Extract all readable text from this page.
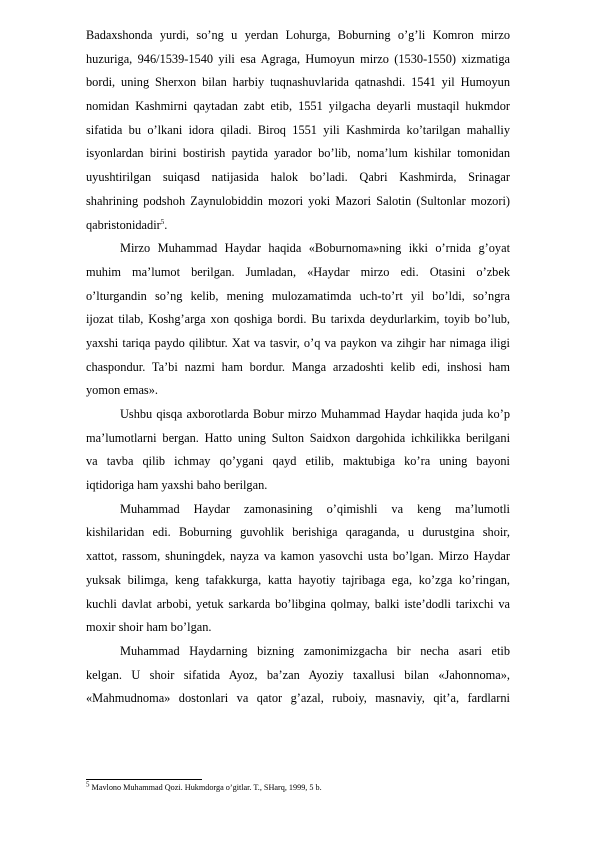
Badaxshonda yurdi, so’ng u yerdan Lohurga, Boburning o’g’li Komron mirzo
huzuriga, 946/1539-1540 yili esa Agraga, Humoyun mirzo (1530-1550) xizmatiga
bordi, uning Sherxon bilan harbiy tuqnashuvlarida qatnashdi. 1541 yil Humoyun
nomidan Kashmirni qaytadan zabt etib, 1551 yilgacha deyarli mustaqil hukmdor
sifatida bu o’lkani idora qiladi. Biroq 1551 yili Kashmirda ko’tarilgan mahalliy
isyonlardan birini bostirish paytida yarador bo’lib, noma’lum kishilar tomonidan
uyushtirilgan suiqasd natijasida halok bo’ladi. Qabri Kashmirda, Srinagar
shahrining podshoh Zaynulobiddin mozori yoki Mazori Salotin (Sultonlar mozori)
qabristonidadir$^5$.
Mirzo Muhammad Haydar haqida «Boburnoma»ning ikki o’rnida g’oyat
muhim ma’lumot berilgan. Jumladan, «Haydar mirzo edi. Otasini o’zbek
o’lturgandin so’ng kelib, mening mulozamatimda uch-to’rt yil bo’ldi, so’ngra
ijozat tilab, Koshg’arga xon qoshiga bordi. Bu tarixda deydurlarkim, toyib bo’lub,
yaxshi tariqa paydo qilibtur. Xat va tasvir, o’q va paykon va zihgir har nimaga iligi
chaspondur. Ta’bi nazmi ham bordur. Manga arzadoshti kelib edi, inshosi ham
yomon emas».
Ushbu qisqa axborotlarda Bobur mirzo Muhammad Haydar haqida juda ko’p
ma’lumotlarni bergan. Hatto uning Sulton Saidxon dargohida ichkilikka berilgani
va tavba qilib ichmay qo’ygani qayd etilib, maktubiga ko’ra uning bayoni
iqtidoriga ham yaxshi baho berilgan.
Muhammad Haydar zamonasining o’qimishli va keng ma’lumotli
kishilaridan edi. Boburning guvohlik berishiga qaraganda, u durustgina shoir,
xattot, rassom, shuningdek, nayza va kamon yasovchi usta bo’lgan. Mirzo Haydar
yuksak bilimga, keng tafakkurga, katta hayotiy tajribaga ega, ko’zga ko’ringan,
kuchli davlat arbobi, yetuk sarkarda bo’libgina qolmay, balki iste’dodli tarixchi va
moxir shoir ham bo’lgan.
Muhammad Haydarning bizning zamonimizgacha bir necha asari etib
kelgan. U shoir sifatida Ayoz, ba’zan Ayoziy taxallusi bilan «Jahonnoma»,
«Mahmudnoma» dostonlari va qator g’azal, ruboiy, masnaviy, qit’a, fardlarni
$^5$ Mavlono Muhammad Qozi. Hukmdorga o’gitlar. T., SHarq, 1999, 5 b.
